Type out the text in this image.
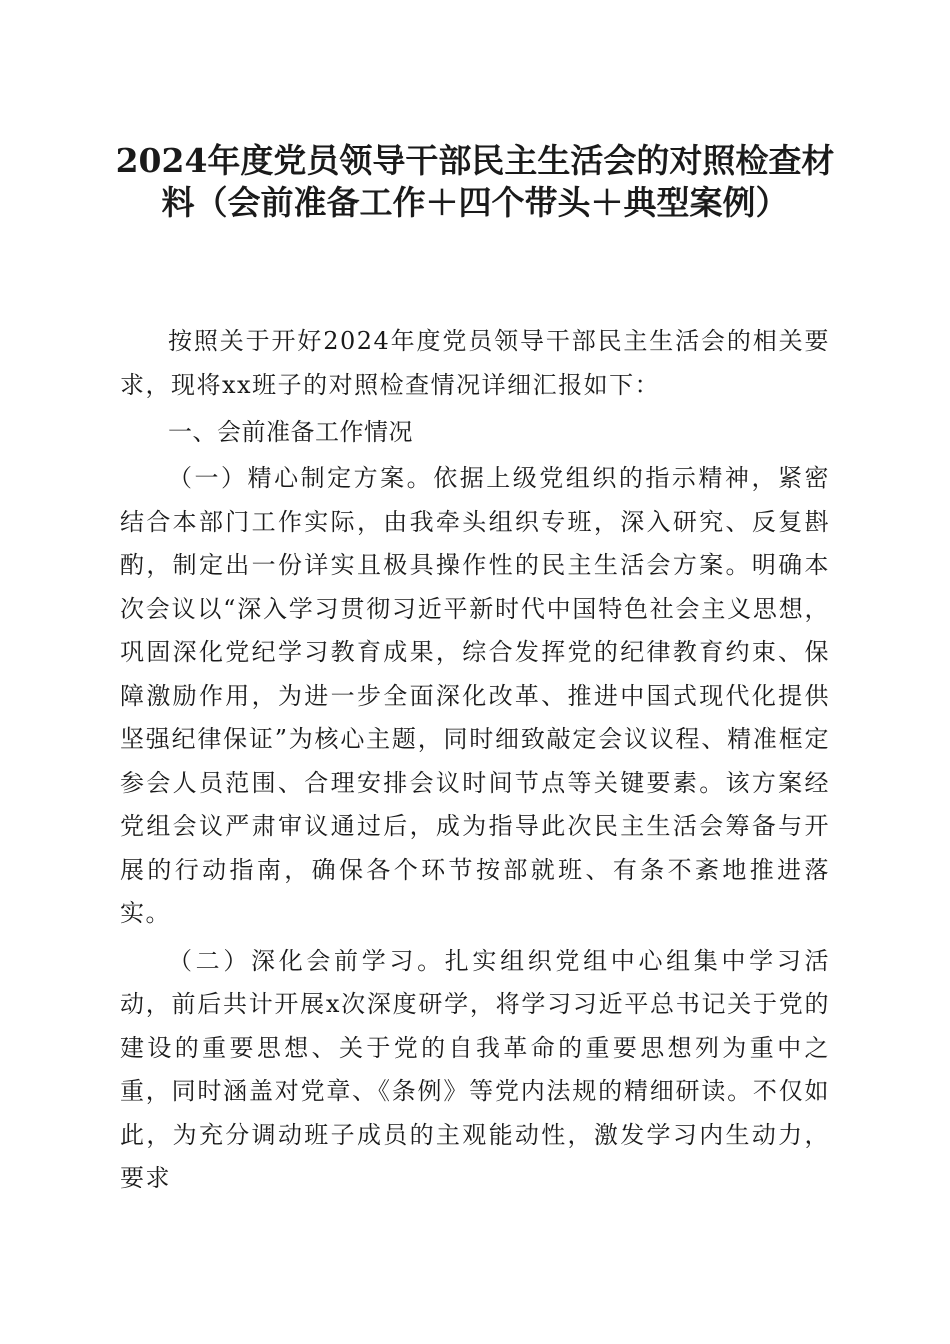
2024年度党员领导干部民主生活会的对照检查材料（会前准备工作＋四个带头＋典型案例）

按照关于开好2024年度党员领导干部民主生活会的相关要求，现将xx班子的对照检查情况详细汇报如下：

一、会前准备工作情况

（一）精心制定方案。依据上级党组织的指示精神，紧密结合本部门工作实际，由我牵头组织专班，深入研究、反复斟酌，制定出一份详实且极具操作性的民主生活会方案。明确本次会议以“深入学习贯彻习近平新时代中国特色社会主义思想，巩固深化党纪学习教育成果，综合发挥党的纪律教育约束、保障激励作用，为进一步全面深化改革、推进中国式现代化提供坚强纪律保证”为核心主题，同时细致敲定会议议程、精准框定参会人员范围、合理安排会议时间节点等关键要素。该方案经党组会议严肃审议通过后，成为指导此次民主生活会筹备与开展的行动指南，确保各个环节按部就班、有条不紊地推进落实。

（二）深化会前学习。扎实组织党组中心组集中学习活动，前后共计开展x次深度研学，将学习习近平总书记关于党的建设的重要思想、关于党的自我革命的重要思想列为重中之重，同时涵盖对党章、《条例》等党内法规的精细研读。不仅如此，为充分调动班子成员的主观能动性，激发学习内生动力，要求
